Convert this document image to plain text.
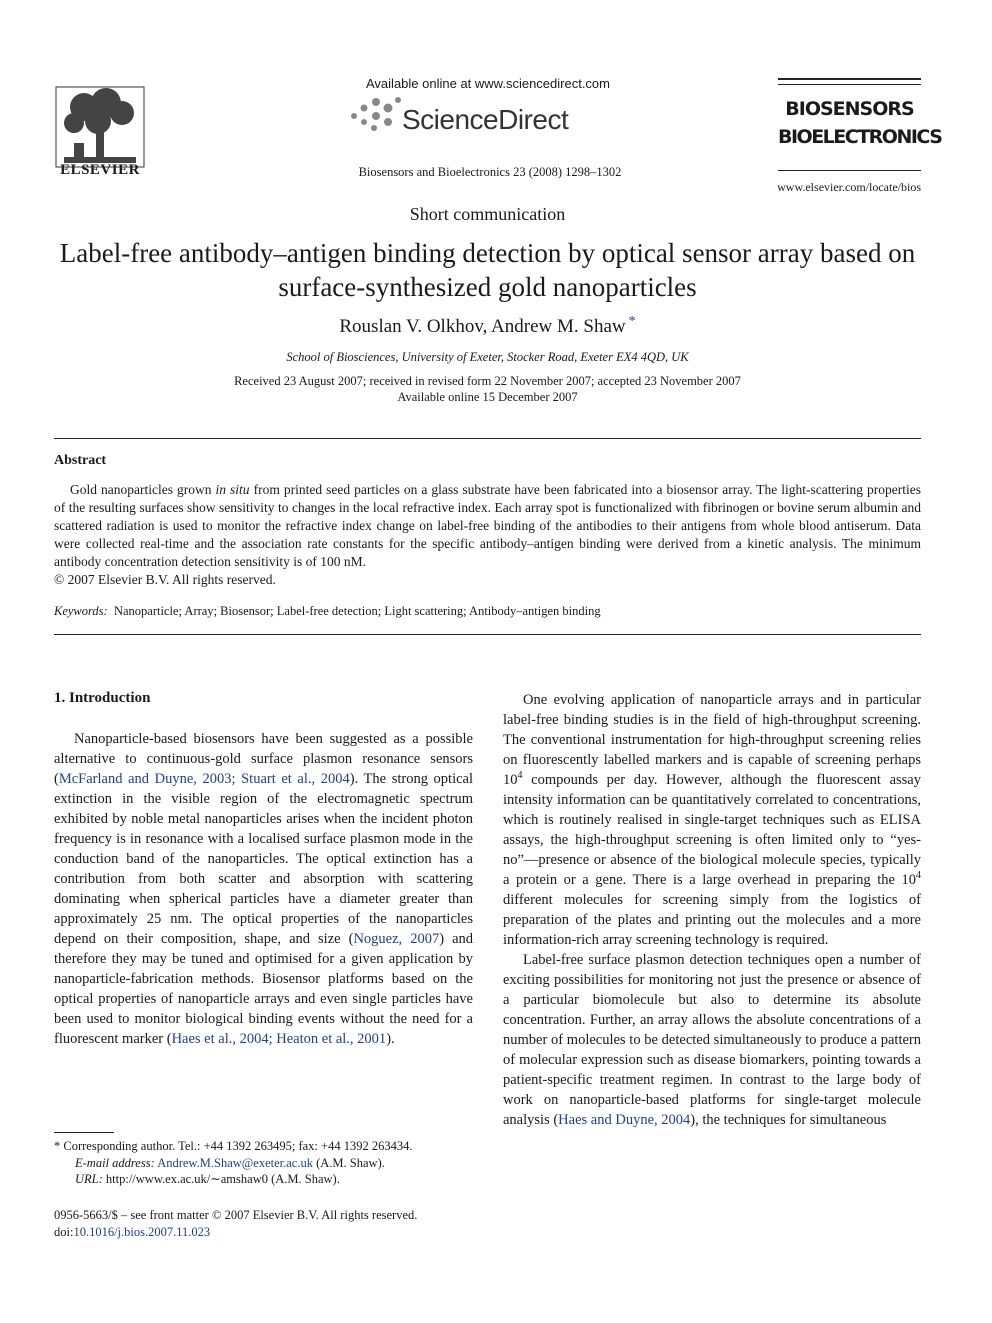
ELSEVIER
Available online at www.sciencedirect.com
ScienceDirect
Biosensors and Bioelectronics 23 (2008) 1298–1302
BIOSENSORS
BIOELECTRONICS
www.elsevier.com/locate/bios
Short communication
Label-free antibody–antigen binding detection by optical sensor array based on surface-synthesized gold nanoparticles
Rouslan V. Olkhov, Andrew M. Shaw *
School of Biosciences, University of Exeter, Stocker Road, Exeter EX4 4QD, UK
Received 23 August 2007; received in revised form 22 November 2007; accepted 23 November 2007
Available online 15 December 2007
Abstract
Gold nanoparticles grown in situ from printed seed particles on a glass substrate have been fabricated into a biosensor array. The light-scattering properties of the resulting surfaces show sensitivity to changes in the local refractive index. Each array spot is functionalized with fibrinogen or bovine serum albumin and scattered radiation is used to monitor the refractive index change on label-free binding of the antibodies to their antigens from whole blood antiserum. Data were collected real-time and the association rate constants for the specific antibody–antigen binding were derived from a kinetic analysis. The minimum antibody concentration detection sensitivity is of 100 nM.
© 2007 Elsevier B.V. All rights reserved.
Keywords: Nanoparticle; Array; Biosensor; Label-free detection; Light scattering; Antibody–antigen binding
1. Introduction

Nanoparticle-based biosensors have been suggested as a possible alternative to continuous-gold surface plasmon resonance sensors (McFarland and Duyne, 2003; Stuart et al., 2004). The strong optical extinction in the visible region of the electromagnetic spectrum exhibited by noble metal nanoparticles arises when the incident photon frequency is in resonance with a localised surface plasmon mode in the conduction band of the nanoparticles. The optical extinction has a contribution from both scatter and absorption with scattering dominating when spherical particles have a diameter greater than approximately 25 nm. The optical properties of the nanoparticles depend on their composition, shape, and size (Noguez, 2007) and therefore they may be tuned and optimised for a given application by nanoparticle-fabrication methods. Biosensor platforms based on the optical properties of nanoparticle arrays and even single particles have been used to monitor biological binding events without the need for a fluorescent marker (Haes et al., 2004; Heaton et al., 2001).

One evolving application of nanoparticle arrays and in particular label-free binding studies is in the field of high-throughput screening. The conventional instrumentation for high-throughput screening relies on fluorescently labelled markers and is capable of screening perhaps $10^4$ compounds per day. However, although the fluorescent assay intensity information can be quantitatively correlated to concentrations, which is routinely realised in single-target techniques such as ELISA assays, the high-throughput screening is often limited only to “yes-no”—presence or absence of the biological molecule species, typically a protein or a gene. There is a large overhead in preparing the $10^4$ different molecules for screening simply from the logistics of preparation of the plates and printing out the molecules and a more information-rich array screening technology is required.

Label-free surface plasmon detection techniques open a number of exciting possibilities for monitoring not just the presence or absence of a particular biomolecule but also to determine its absolute concentration. Further, an array allows the absolute concentrations of a number of molecules to be detected simultaneously to produce a pattern of molecular expression such as disease biomarkers, pointing towards a patient-specific treatment regimen. In contrast to the large body of work on nanoparticle-based platforms for single-target molecule analysis (Haes and Duyne, 2004), the techniques for simultaneous

* Corresponding author. Tel.: +44 1392 263495; fax: +44 1392 263434.
E-mail address: Andrew.M.Shaw@exeter.ac.uk (A.M. Shaw).
URL: http://www.ex.ac.uk/∼amshaw0 (A.M. Shaw).
0956-5663/$ – see front matter © 2007 Elsevier B.V. All rights reserved.
doi:10.1016/j.bios.2007.11.023
